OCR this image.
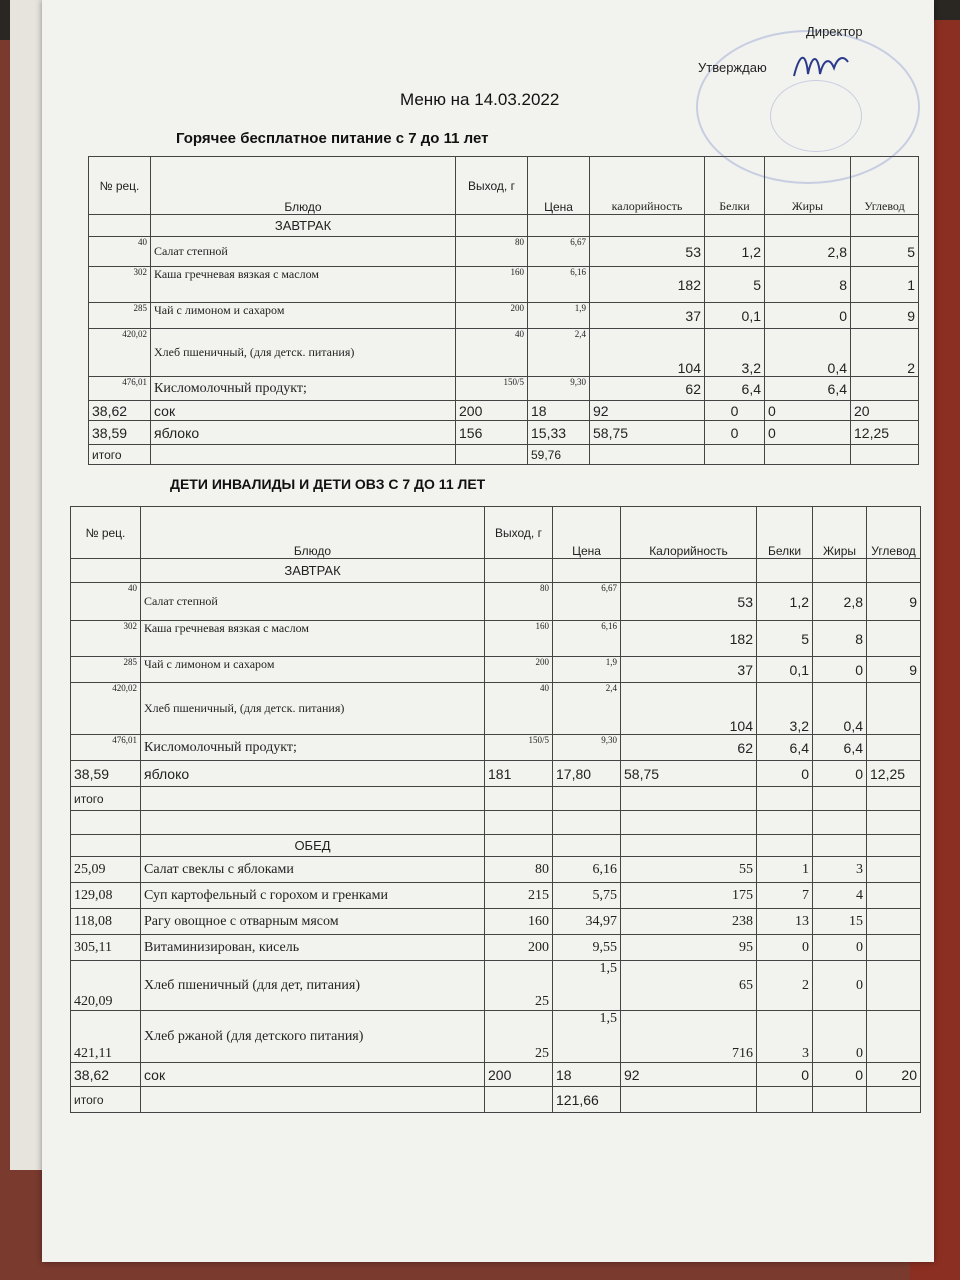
Директор
Утверждаю
Меню на 14.03.2022
Горячее бесплатное питание с 7 до 11 лет
№ рец.	Блюдо	Выход, г	Цена	калорийность	Белки	Жиры	Углевод
	ЗАВТРАК						
40	Салат степной	80	6,67	53	1,2	2,8	5
302	Каша гречневая вязкая с маслом	160	6,16	182	5	8	1
285	Чай с лимоном и сахаром	200	1,9	37	0,1	0	9
420,02	Хлеб пшеничный, (для детск. питания)	40	2,4	104	3,2	0,4	2
476,01	Кисломолочный продукт;	150/5	9,30	62	6,4	6,4	
38,62	сок	200	18	92	0	0	20
38,59	яблоко	156	15,33	58,75	0	0	12,25
итого			59,76				
ДЕТИ ИНВАЛИДЫ И ДЕТИ ОВЗ С 7 ДО 11 ЛЕТ
№ рец.	Блюдо	Выход, г	Цена	Калорийность	Белки	Жиры	Углевод
	ЗАВТРАК						
40	Салат степной	80	6,67	53	1,2	2,8	9
302	Каша гречневая вязкая с маслом	160	6,16	182	5	8	
285	Чай с лимоном и сахаром	200	1,9	37	0,1	0	9
420,02	Хлеб пшеничный, (для детск. питания)	40	2,4	104	3,2	0,4	
476,01	Кисломолочный продукт;	150/5	9,30	62	6,4	6,4	
38,59	яблоко	181	17,80	58,75	0	0	12,25
итого							

	ОБЕД						
25,09	Салат свеклы с яблоками	80	6,16	55	1	3	
129,08	Суп картофельный с горохом и гренками	215	5,75	175	7	4	
118,08	Рагу овощное с отварным мясом	160	34,97	238	13	15	
305,11	Витаминизирован, кисель	200	9,55	95	0	0	
420,09	Хлеб пшеничный (для дет, питания)	25	1,5	65	2	0	
421,11	Хлеб ржаной (для детского питания)	25	1,5	716	3	0	
38,62	сок	200	18	92	0	0	20
итого			121,66				
